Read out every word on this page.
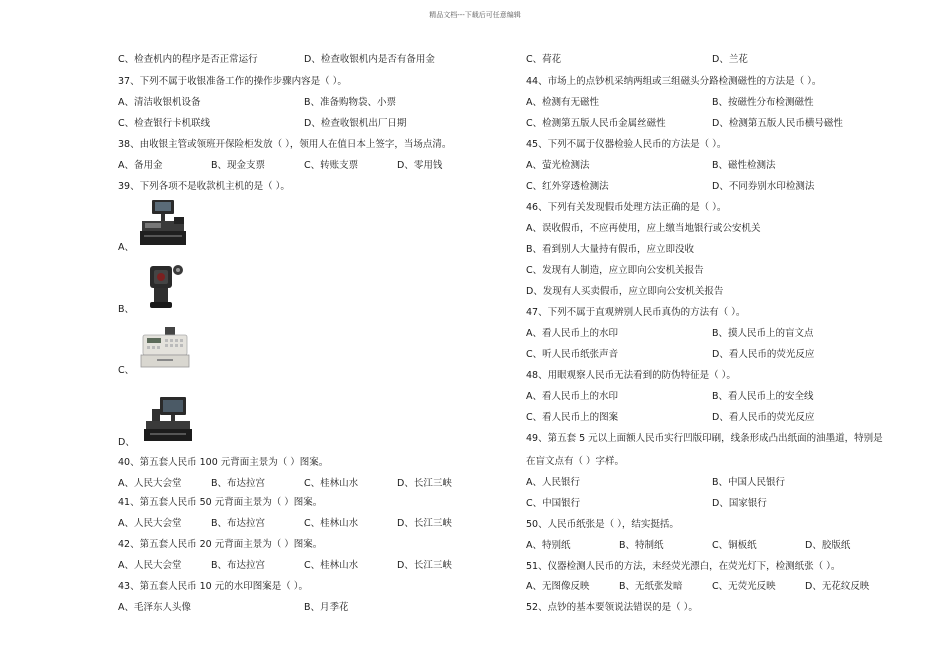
精品文档---下载后可任意编辑
C、检查机内的程序是否正常运行	D、检查收银机内是否有备用金
37、下列不属于收银准备工作的操作步骤内容是（ ）。
A、清洁收银机设备	B、准备购物袋、小票
C、检查银行卡机联线	D、检查收银机出厂日期
38、由收银主管或领班开保险柜发放（ ），领用人在值日本上签字，当场点清。
A、备用金	B、现金支票	C、转账支票	D、零用钱
39、下列各项不是收款机主机的是（ ）。
40、第五套人民币 100 元背面主景为（ ）图案。
A、人民大会堂	B、布达拉宫	C、桂林山水	D、长江三峡
41、第五套人民币 50 元背面主景为（ ）图案。
A、人民大会堂	B、布达拉宫	C、桂林山水	D、长江三峡
42、第五套人民币 20 元背面主景为（ ）图案。
A、人民大会堂	B、布达拉宫	C、桂林山水	D、长江三峡
43、第五套人民币 10 元的水印图案是（ ）。
A、毛泽东人头像	B、月季花
C、荷花	D、兰花
44、市场上的点钞机采纳两组或三组磁头分路检测磁性的方法是（ ）。
A、检测有无磁性	B、按磁性分布检测磁性
C、检测第五版人民币金属丝磁性	D、检测第五版人民币横号磁性
45、下列不属于仪器检验人民币的方法是（ ）。
A、萤光检测法	B、磁性检测法
C、红外穿透检测法	D、不同券别水印检测法
46、下列有关发现假币处理方法正确的是（ ）。
A、误收假币，不应再使用，应上缴当地银行或公安机关
B、看到别人大量持有假币，应立即没收
C、发现有人制造，应立即向公安机关报告
D、发现有人买卖假币，应立即向公安机关报告
47、下列不属于直观辨别人民币真伪的方法有（ ）。
A、看人民币上的水印	B、摸人民币上的盲文点
C、听人民币纸张声音	D、看人民币的荧光反应
48、用眼观察人民币无法看到的防伪特征是（ ）。
A、看人民币上的水印	B、看人民币上的安全线
C、看人民币上的图案	D、看人民币的荧光反应
49、第五套 5 元以上面额人民币实行凹版印刷，线条形成凸出纸面的油墨道，特别是
在盲文点有（ ）字样。
A、人民银行	B、中国人民银行
C、中国银行	D、国家银行
50、人民币纸张是（ ），结实挺括。
A、特别纸	B、特制纸	C、铜板纸	D、胶版纸
51、仪器检测人民币的方法，未经荧光漂白，在荧光灯下，检测纸张（ ）。
A、无图像反映	B、无纸张发暗	C、无荧光反映	D、无花纹反映
52、点钞的基本要领说法错误的是（ ）。
A、
B、
C、
D、
